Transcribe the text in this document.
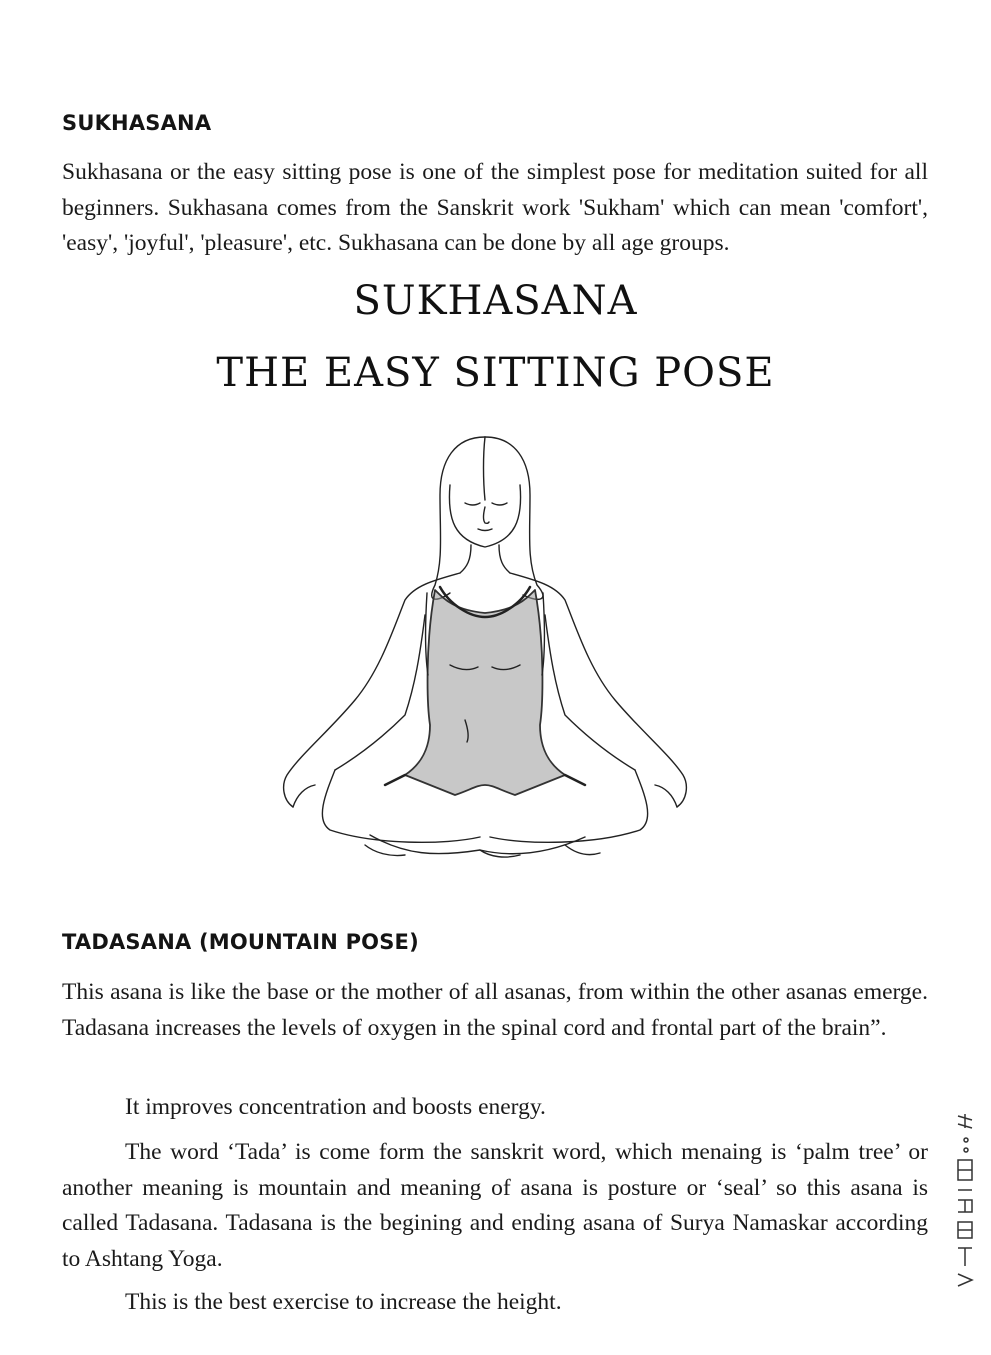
SUKHASANA

Sukhasana or the easy sitting pose is one of the simplest pose for meditation suited for all beginners. Sukhasana comes from the Sanskrit work 'Sukham' which can mean 'comfort', 'easy', 'joyful', 'pleasure', etc. Sukhasana can be done by all age groups.

SUKHASANA
THE EASY SITTING POSE
TADASANA (MOUNTAIN POSE)

This asana is like the base or the mother of all asanas, from within the other asanas emerge. Tadasana increases the levels of oxygen in the spinal cord and frontal part of the brain”.

It improves concentration and boosts energy.

The word ‘Tada’ is come form the sanskrit word, which menaing is ‘palm tree’ or another meaning is mountain and meaning of asana is posture or ‘seal’ so this asana is called Tadasana. Tadasana is the begining and ending asana of Surya Namaskar according to Ashtang Yoga.

This is the best exercise to increase the height.
